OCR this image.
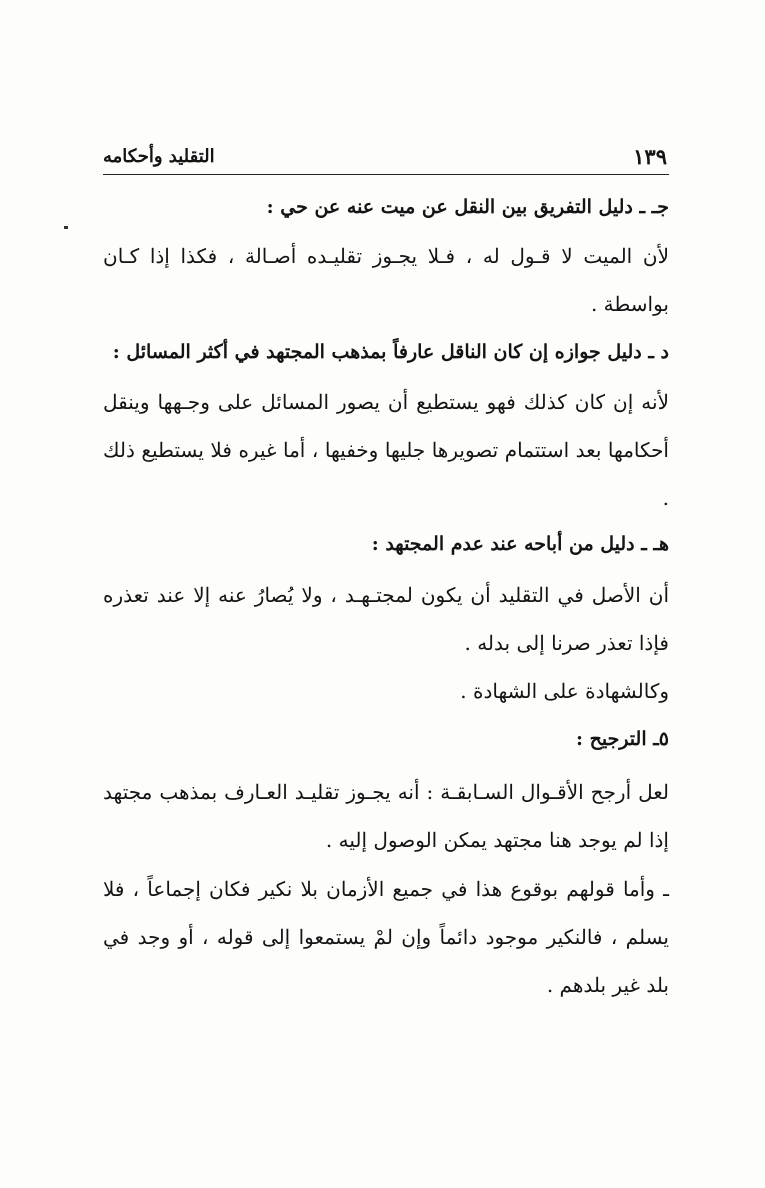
التقليد وأحكامه	١٣٩
جـ ـ دليل التفريق بين النقل عن ميت عنه عن حي :
لأن الميت لا قـول له ، فـلا يجـوز تقليـده أصـالة ، فكذا إذا كـان بواسطة .
د ـ دليل جوازه إن كان الناقل عارفاً بمذهب المجتهد في أكثر المسائل :
لأنه إن كان كذلك فهو يستطيع أن يصور المسائل على وجـهها وينقل أحكامها بعد استتمام تصويرها جليها وخفيها ، أما غيره فلا يستطيع ذلك .
هـ ـ دليل من أباحه عند عدم المجتهد :
أن الأصل في التقليد أن يكون لمجتـهـد ، ولا يُصارُ عنه إلا عند تعذره فإذا تعذر صرنا إلى بدله .
وكالشهادة على الشهادة .
٥ـ الترجيح :
لعل أرجح الأقـوال السـابقـة : أنه يجـوز تقليـد العـارف بمذهب مجتهد إذا لم يوجد هنا مجتهد يمكن الوصول إليه .
ـ وأما قولهم بوقوع هذا في جميع الأزمان بلا نكير فكان إجماعاً ، فلا يسلم ، فالنكير موجود دائماً وإن لمْ يستمعوا إلى قوله ، أو وجد في بلد غير بلدهم .
